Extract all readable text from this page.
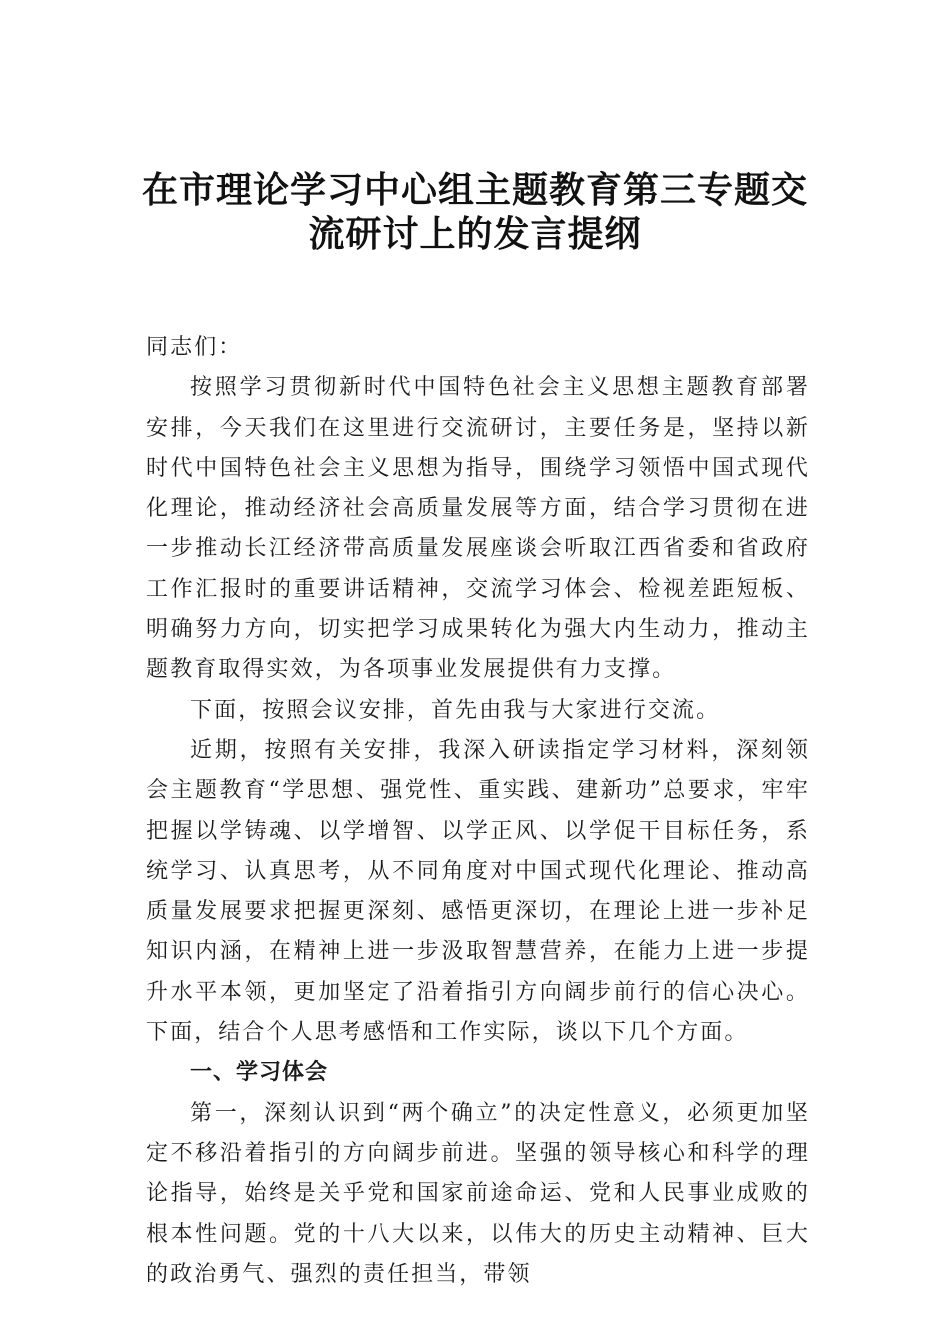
在市理论学习中心组主题教育第三专题交
流研讨上的发言提纲

同志们：

按照学习贯彻新时代中国特色社会主义思想主题教育部署安排，今天我们在这里进行交流研讨，主要任务是，坚持以新时代中国特色社会主义思想为指导，围绕学习领悟中国式现代化理论，推动经济社会高质量发展等方面，结合学习贯彻在进一步推动长江经济带高质量发展座谈会听取江西省委和省政府工作汇报时的重要讲话精神，交流学习体会、检视差距短板、明确努力方向，切实把学习成果转化为强大内生动力，推动主题教育取得实效，为各项事业发展提供有力支撑。

下面，按照会议安排，首先由我与大家进行交流。

近期，按照有关安排，我深入研读指定学习材料，深刻领会主题教育“学思想、强党性、重实践、建新功”总要求，牢牢把握以学铸魂、以学增智、以学正风、以学促干目标任务，系统学习、认真思考，从不同角度对中国式现代化理论、推动高质量发展要求把握更深刻、感悟更深切，在理论上进一步补足知识内涵，在精神上进一步汲取智慧营养，在能力上进一步提升水平本领，更加坚定了沿着指引方向阔步前行的信心决心。下面，结合个人思考感悟和工作实际，谈以下几个方面。

一、学习体会

第一，深刻认识到“两个确立”的决定性意义，必须更加坚定不移沿着指引的方向阔步前进。坚强的领导核心和科学的理论指导，始终是关乎党和国家前途命运、党和人民事业成败的根本性问题。党的十八大以来，以伟大的历史主动精神、巨大的政治勇气、强烈的责任担当，带领
